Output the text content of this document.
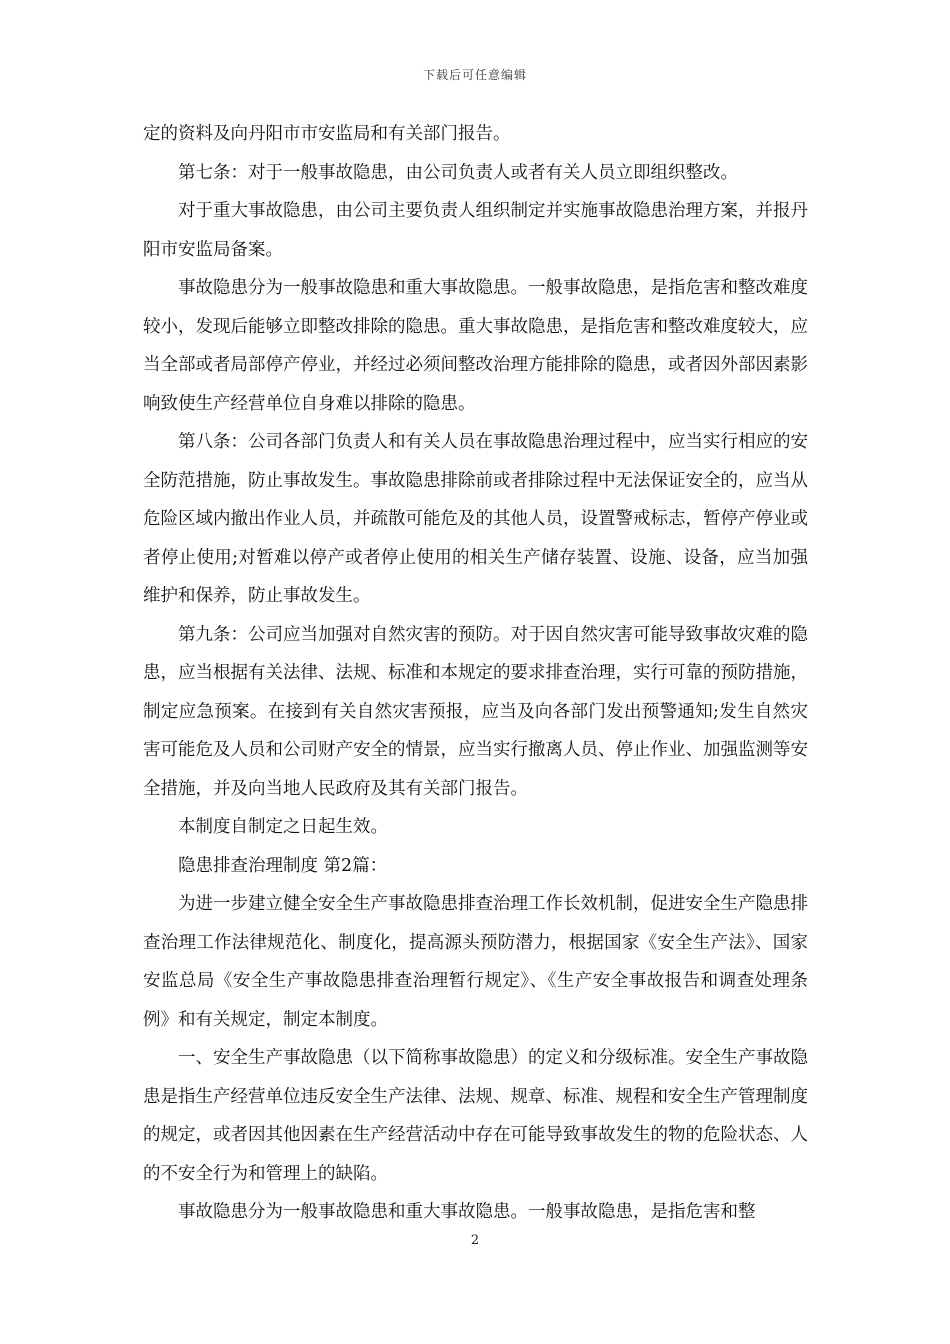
下载后可任意编辑

定的资料及向丹阳市市安监局和有关部门报告。

第七条：对于一般事故隐患，由公司负责人或者有关人员立即组织整改。

对于重大事故隐患，由公司主要负责人组织制定并实施事故隐患治理方案，并报丹阳市安监局备案。

事故隐患分为一般事故隐患和重大事故隐患。一般事故隐患，是指危害和整改难度较小，发现后能够立即整改排除的隐患。重大事故隐患，是指危害和整改难度较大，应当全部或者局部停产停业，并经过必须间整改治理方能排除的隐患，或者因外部因素影响致使生产经营单位自身难以排除的隐患。

第八条：公司各部门负责人和有关人员在事故隐患治理过程中，应当实行相应的安全防范措施，防止事故发生。事故隐患排除前或者排除过程中无法保证安全的，应当从危险区域内撤出作业人员，并疏散可能危及的其他人员，设置警戒标志，暂停产停业或者停止使用;对暂难以停产或者停止使用的相关生产储存装置、设施、设备，应当加强维护和保养，防止事故发生。

第九条：公司应当加强对自然灾害的预防。对于因自然灾害可能导致事故灾难的隐患，应当根据有关法律、法规、标准和本规定的要求排查治理，实行可靠的预防措施，制定应急预案。在接到有关自然灾害预报，应当及向各部门发出预警通知;发生自然灾害可能危及人员和公司财产安全的情景，应当实行撤离人员、停止作业、加强监测等安全措施，并及向当地人民政府及其有关部门报告。

本制度自制定之日起生效。

隐患排查治理制度 第2篇：

为进一步建立健全安全生产事故隐患排查治理工作长效机制，促进安全生产隐患排查治理工作法律规范化、制度化，提高源头预防潜力，根据国家《安全生产法》、国家安监总局《安全生产事故隐患排查治理暂行规定》、《生产安全事故报告和调查处理条例》和有关规定，制定本制度。

一、安全生产事故隐患（以下简称事故隐患）的定义和分级标准。安全生产事故隐患是指生产经营单位违反安全生产法律、法规、规章、标准、规程和安全生产管理制度的规定，或者因其他因素在生产经营活动中存在可能导致事故发生的物的危险状态、人的不安全行为和管理上的缺陷。

事故隐患分为一般事故隐患和重大事故隐患。一般事故隐患，是指危害和整

2
